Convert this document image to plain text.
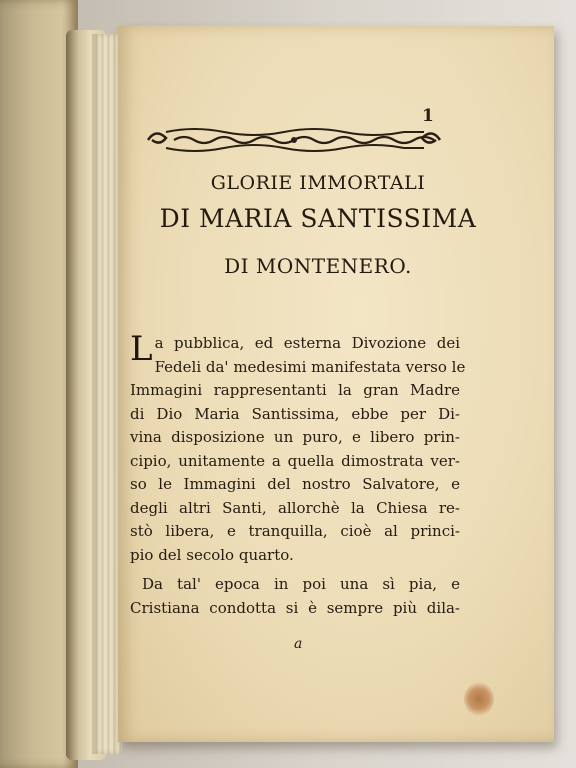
1
GLORIE IMMORTALI
DI MARIA SANTISSIMA
DI MONTENERO.
L a pubblica, ed esterna Divozione dei
Fedeli da' medesimi manifestata verso le
Immagini rappresentanti la gran Madre
di Dio Maria Santissima, ebbe per Di-
vina disposizione un puro, e libero prin-
cipio, unitamente a quella dimostrata ver-
so le Immagini del nostro Salvatore, e
degli altri Santi, allorchè la Chiesa re-
stò libera, e tranquilla, cioè al princi-
pio del secolo quarto.
Da tal' epoca in poi una sì pia, e
Cristiana condotta si è sempre più dila-
a
